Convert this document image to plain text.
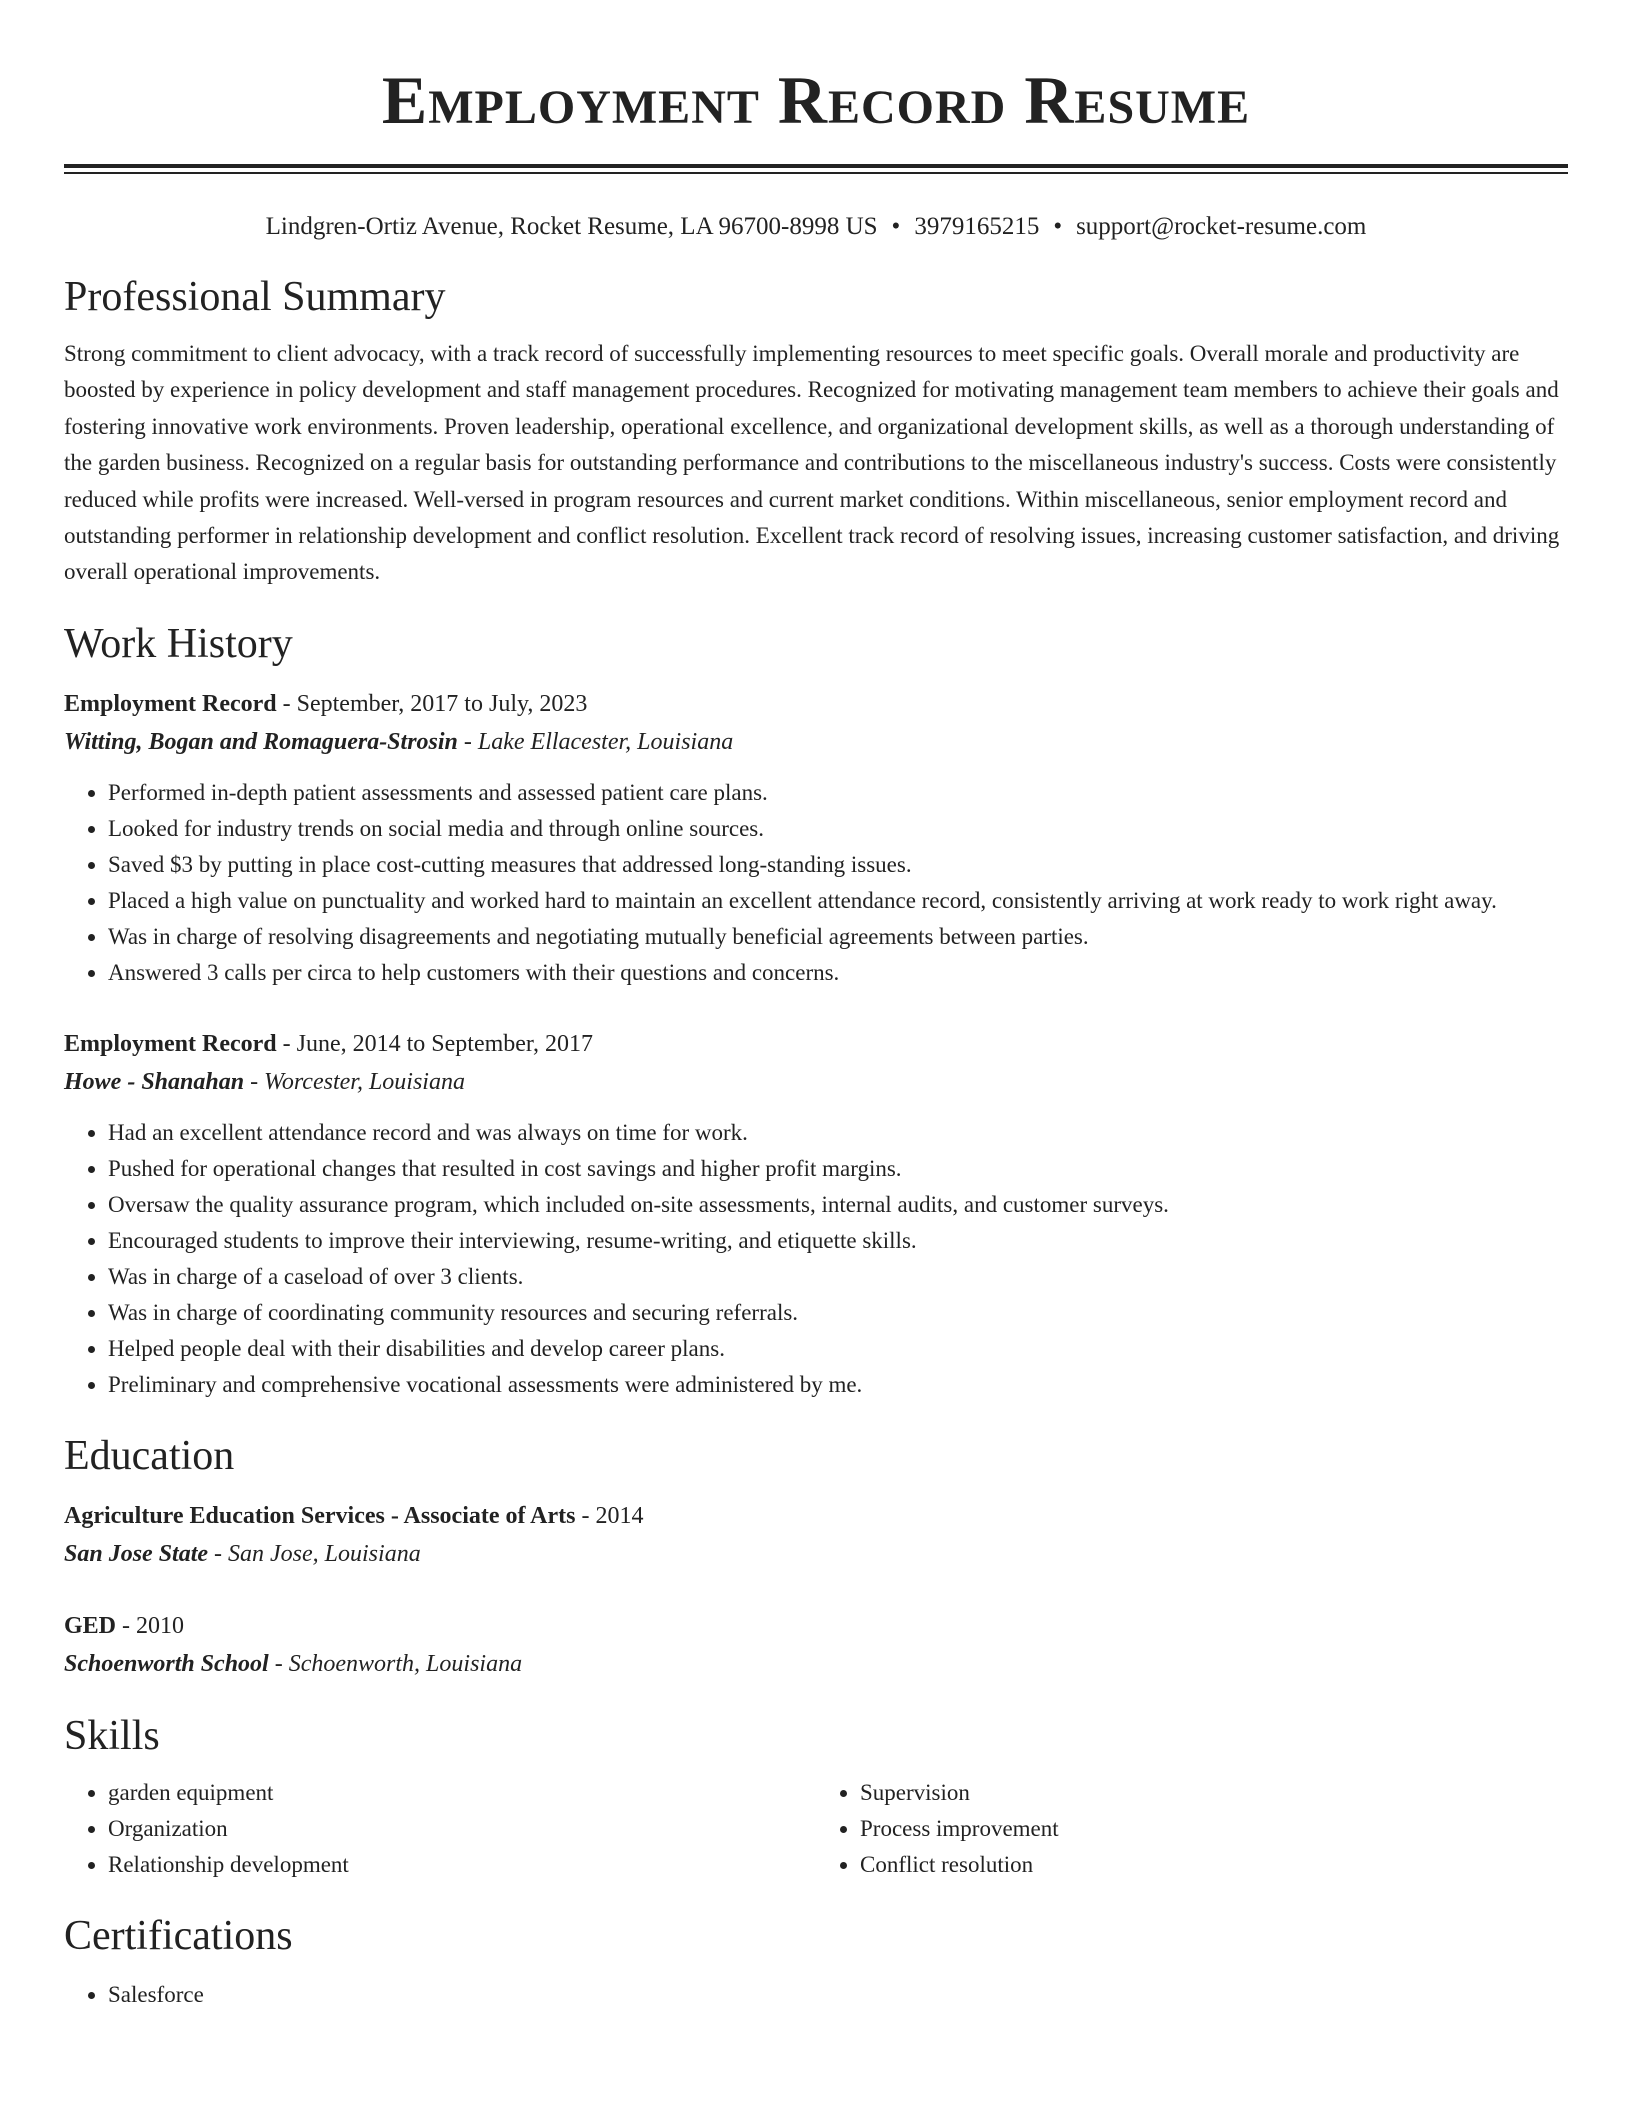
Employment Record Resume
Lindgren-Ortiz Avenue, Rocket Resume, LA 96700-8998 US • 3979165215 • support@rocket-resume.com
Professional Summary

Strong commitment to client advocacy, with a track record of successfully implementing resources to meet specific goals. Overall morale and productivity are boosted by experience in policy development and staff management procedures. Recognized for motivating management team members to achieve their goals and fostering innovative work environments. Proven leadership, operational excellence, and organizational development skills, as well as a thorough understanding of the garden business. Recognized on a regular basis for outstanding performance and contributions to the miscellaneous industry's success. Costs were consistently reduced while profits were increased. Well-versed in program resources and current market conditions. Within miscellaneous, senior employment record and outstanding performer in relationship development and conflict resolution. Excellent track record of resolving issues, increasing customer satisfaction, and driving overall operational improvements.

Work History
Employment Record - September, 2017 to July, 2023
Witting, Bogan and Romaguera-Strosin - Lake Ellacester, Louisiana
• Performed in-depth patient assessments and assessed patient care plans.
• Looked for industry trends on social media and through online sources.
• Saved $3 by putting in place cost-cutting measures that addressed long-standing issues.
• Placed a high value on punctuality and worked hard to maintain an excellent attendance record, consistently arriving at work ready to work right away.
• Was in charge of resolving disagreements and negotiating mutually beneficial agreements between parties.
• Answered 3 calls per circa to help customers with their questions and concerns.
Employment Record - June, 2014 to September, 2017
Howe - Shanahan - Worcester, Louisiana
• Had an excellent attendance record and was always on time for work.
• Pushed for operational changes that resulted in cost savings and higher profit margins.
• Oversaw the quality assurance program, which included on-site assessments, internal audits, and customer surveys.
• Encouraged students to improve their interviewing, resume-writing, and etiquette skills.
• Was in charge of a caseload of over 3 clients.
• Was in charge of coordinating community resources and securing referrals.
• Helped people deal with their disabilities and develop career plans.
• Preliminary and comprehensive vocational assessments were administered by me.
Education
Agriculture Education Services - Associate of Arts - 2014
San Jose State - San Jose, Louisiana
GED - 2010
Schoenworth School - Schoenworth, Louisiana
Skills
• garden equipment
• Organization
• Relationship development
• Supervision
• Process improvement
• Conflict resolution
Certifications
• Salesforce
